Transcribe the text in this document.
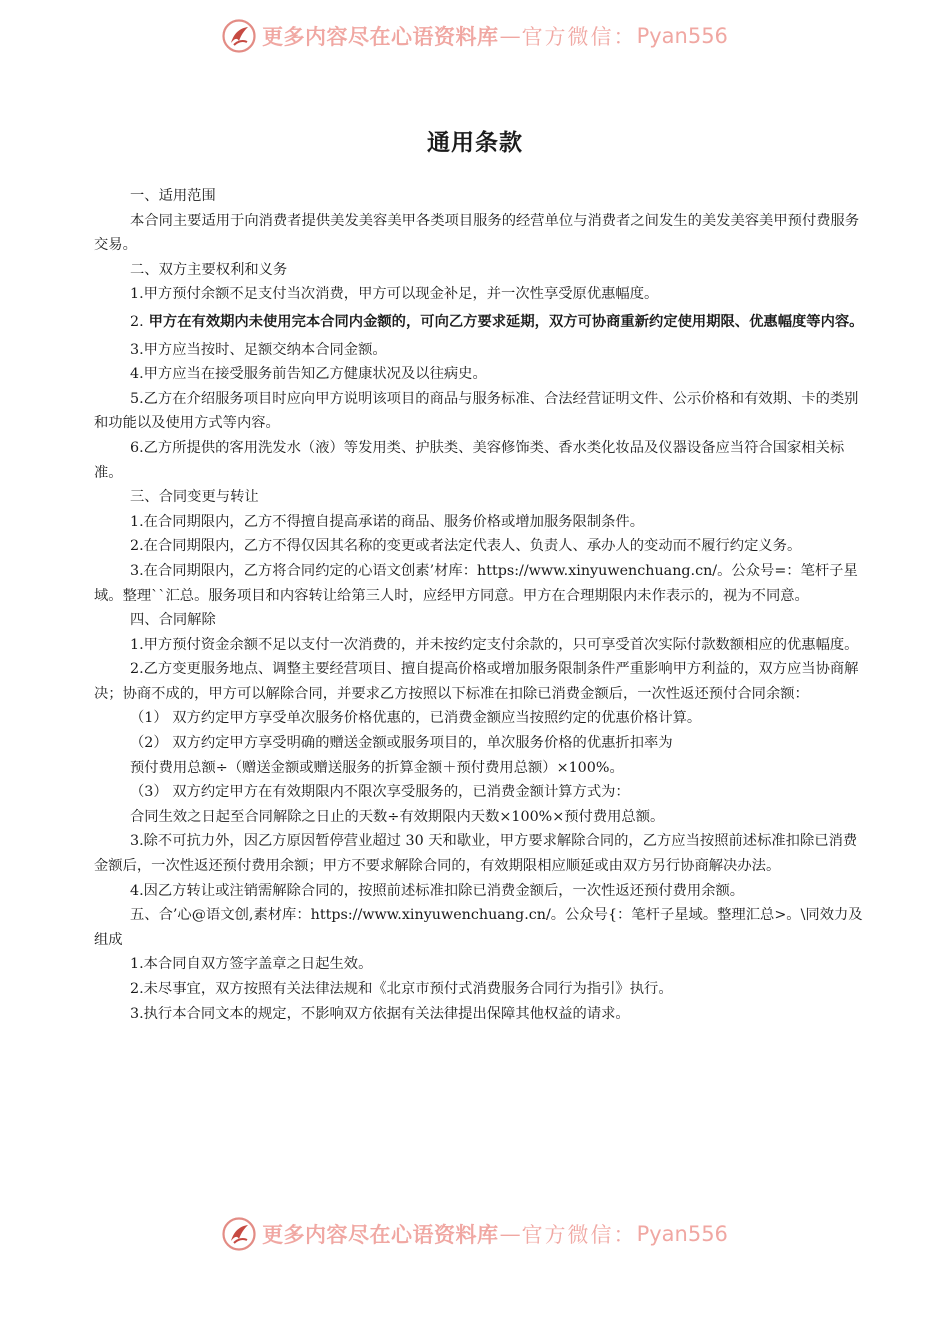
更多内容尽在心语资料库 — 官方微信： Pyan556
通用条款

一、适用范围

本合同主要适用于向消费者提供美发美容美甲各类项目服务的经营单位与消费者之间发生的美发美容美甲预付费服务交易。

二、双方主要权利和义务

1.甲方预付余额不足支付当次消费，甲方可以现金补足，并一次性享受原优惠幅度。

2. 甲方在有效期内未使用完本合同内金额的，可向乙方要求延期，双方可协商重新约定使用期限、优惠幅度等内容。

3.甲方应当按时、足额交纳本合同金额。

4.甲方应当在接受服务前告知乙方健康状况及以往病史。

5.乙方在介绍服务项目时应向甲方说明该项目的商品与服务标准、合法经营证明文件、公示价格和有效期、卡的类别和功能以及使用方式等内容。

6.乙方所提供的客用洗发水（液）等发用类、护肤类、美容修饰类、香水类化妆品及仪器设备应当符合国家相关标准。

三、合同变更与转让

1.在合同期限内，乙方不得擅自提高承诺的商品、服务价格或增加服务限制条件。

2.在合同期限内，乙方不得仅因其名称的变更或者法定代表人、负责人、承办人的变动而不履行约定义务。

3.在合同期限内，乙方将合同约定的心语文创素’材库：https://www.xinyuwenchuang.cn/。公众号=：笔杆子星域。整理``汇总。服务项目和内容转让给第三人时，应经甲方同意。甲方在合理期限内未作表示的，视为不同意。

四、合同解除

1.甲方预付资金余额不足以支付一次消费的，并未按约定支付余款的，只可享受首次实际付款数额相应的优惠幅度。

2.乙方变更服务地点、调整主要经营项目、擅自提高价格或增加服务限制条件严重影响甲方利益的，双方应当协商解决；协商不成的，甲方可以解除合同，并要求乙方按照以下标准在扣除已消费金额后，一次性返还预付合同余额：

（1） 双方约定甲方享受单次服务价格优惠的，已消费金额应当按照约定的优惠价格计算。

（2） 双方约定甲方享受明确的赠送金额或服务项目的，单次服务价格的优惠折扣率为

预付费用总额÷（赠送金额或赠送服务的折算金额＋预付费用总额）×100%。

（3） 双方约定甲方在有效期限内不限次享受服务的，已消费金额计算方式为：

合同生效之日起至合同解除之日止的天数÷有效期限内天数×100%×预付费用总额。

3.除不可抗力外，因乙方原因暂停营业超过 30 天和歇业，甲方要求解除合同的，乙方应当按照前述标准扣除已消费金额后，一次性返还预付费用余额；甲方不要求解除合同的，有效期限相应顺延或由双方另行协商解决办法。

4.因乙方转让或注销需解除合同的，按照前述标准扣除已消费金额后，一次性返还预付费用余额。

五、合’心@语文创,素材库：https://www.xinyuwenchuang.cn/。公众号{：笔杆子星域。整理汇总>。\同效力及组成

1.本合同自双方签字盖章之日起生效。

2.未尽事宜，双方按照有关法律法规和《北京市预付式消费服务合同行为指引》执行。

3.执行本合同文本的规定，不影响双方依据有关法律提出保障其他权益的请求。

更多内容尽在心语资料库 — 官方微信： Pyan556
